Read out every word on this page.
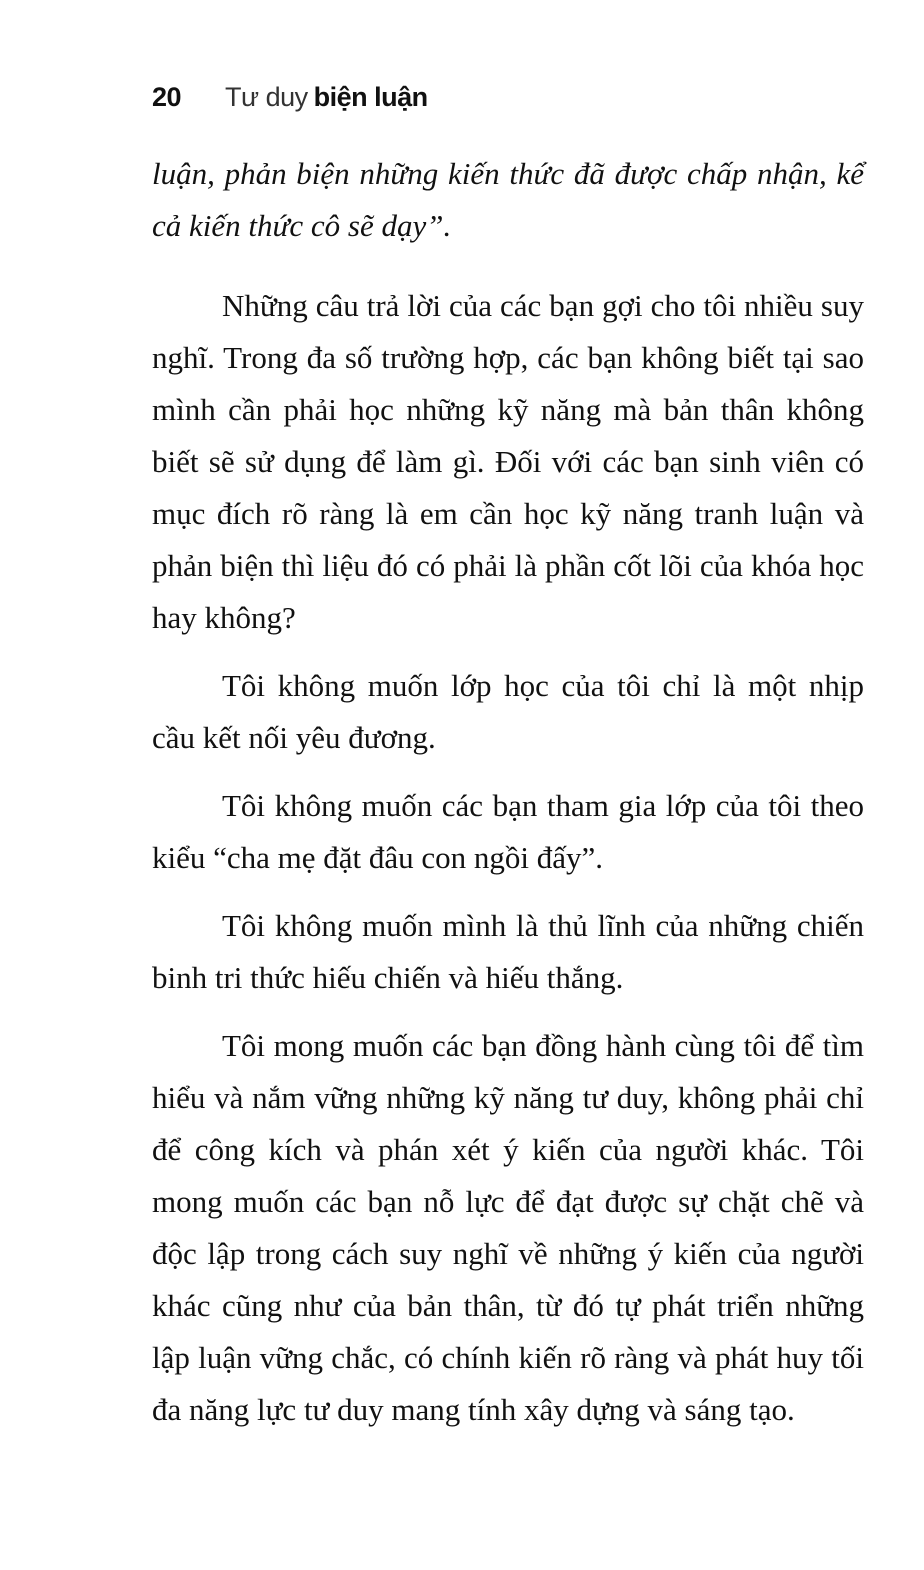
20 Tư duy biện luận

luận, phản biện những kiến thức đã được chấp nhận, kể cả kiến thức cô sẽ dạy”.

Những câu trả lời của các bạn gợi cho tôi nhiều suy nghĩ. Trong đa số trường hợp, các bạn không biết tại sao mình cần phải học những kỹ năng mà bản thân không biết sẽ sử dụng để làm gì. Đối với các bạn sinh viên có mục đích rõ ràng là em cần học kỹ năng tranh luận và phản biện thì liệu đó có phải là phần cốt lõi của khóa học hay không?

Tôi không muốn lớp học của tôi chỉ là một nhịp cầu kết nối yêu đương.

Tôi không muốn các bạn tham gia lớp của tôi theo kiểu “cha mẹ đặt đâu con ngồi đấy”.

Tôi không muốn mình là thủ lĩnh của những chiến binh tri thức hiếu chiến và hiếu thắng.

Tôi mong muốn các bạn đồng hành cùng tôi để tìm hiểu và nắm vững những kỹ năng tư duy, không phải chỉ để công kích và phán xét ý kiến của người khác. Tôi mong muốn các bạn nỗ lực để đạt được sự chặt chẽ và độc lập trong cách suy nghĩ về những ý kiến của người khác cũng như của bản thân, từ đó tự phát triển những lập luận vững chắc, có chính kiến rõ ràng và phát huy tối đa năng lực tư duy mang tính xây dựng và sáng tạo.
